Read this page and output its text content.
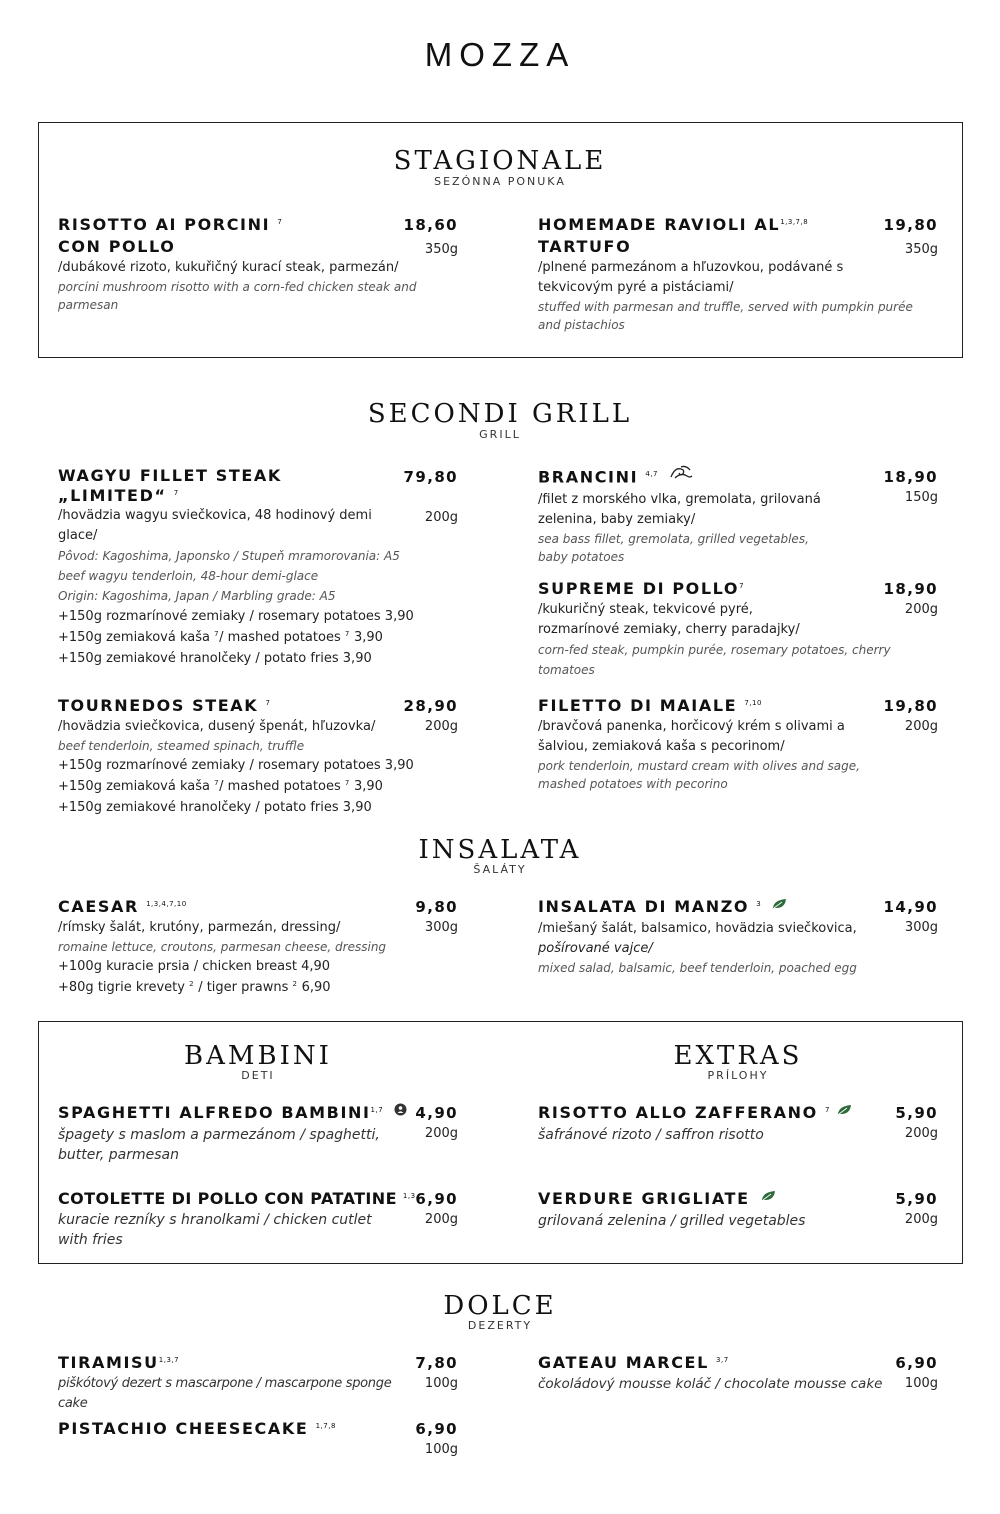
MOZZA
STAGIONALE
SEZÓNNA PONUKA
RISOTTO AI PORCINI $^7$
CON POLLO
18,60
350g
/dubákové rizoto, kukuřičný kurací steak, parmezán/
porcini mushroom risotto with a corn-fed chicken steak and parmesan
HOMEMADE RAVIOLI AL$^{1,3,7,8}$
TARTUFO
19,80
350g
/plnené parmezánom a hľuzovkou, podávané s tekvicovým pyré a pistáciami/
stuffed with parmesan and truffle, served with pumpkin purée and pistachios
SECONDI GRILL
GRILL
WAGYU FILLET STEAK
„LIMITED“ $^7$
79,80
200g
/hovädzia wagyu sviečkovica, 48 hodinový demi glace/
Pôvod: Kagoshima, Japonsko / Stupeň mramorovania: A5
beef wagyu tenderloin, 48-hour demi-glace
Origin: Kagoshima, Japan / Marbling grade: A5
+150g rozmarínové zemiaky / rosemary potatoes 3,90
+150g zemiaková kaša $^7$/ mashed potatoes $^7$ 3,90
+150g zemiakové hranolčeky / potato fries 3,90
TOURNEDOS STEAK $^7$	28,90
200g
/hovädzia sviečkovica, dusený špenát, hľuzovka/
beef tenderloin, steamed spinach, truffle
+150g rozmarínové zemiaky / rosemary potatoes 3,90
+150g zemiaková kaša $^7$/ mashed potatoes $^7$ 3,90
+150g zemiakové hranolčeky / potato fries 3,90
BRANCINI $^{4,7}$	18,90
150g
/filet z morského vlka, gremolata, grilovaná zelenina, baby zemiaky/
sea bass fillet, gremolata, grilled vegetables, baby potatoes
SUPREME DI POLLO$^7$	18,90
200g
/kukuričný steak, tekvicové pyré, rozmarínové zemiaky, cherry paradajky/
corn-fed steak, pumpkin purée, rosemary potatoes, cherry tomatoes
FILETTO DI MAIALE $^{7,10}$	19,80
200g
/bravčová panenka, horčicový krém s olivami a šalviou, zemiaková kaša s pecorinom/
pork tenderloin, mustard cream with olives and sage, mashed potatoes with pecorino
INSALATA
ŠALÁTY
CAESAR $^{1,3,4,7,10}$	9,80
300g
/rímsky šalát, krutóny, parmezán, dressing/
romaine lettuce, croutons, parmesan cheese, dressing
+100g kuracie prsia / chicken breast 4,90
+80g tigrie krevety $^2$ / tiger prawns $^2$ 6,90
INSALATA DI MANZO $^3$	14,90
300g
/miešaný šalát, balsamico, hovädzia sviečkovica,
pošírované vajce/
mixed salad, balsamic, beef tenderloin, poached egg
BAMBINI
DETI
EXTRAS
PRÍLOHY
SPAGHETTI ALFREDO BAMBINI$^{1,7}$	4,90
200g
špagety s maslom a parmezánom / spaghetti, butter, parmesan
COTOLETTE DI POLLO CON PATATINE $^{1,3}$ 6,90
200g
kuracie rezníky s hranolkami / chicken cutlet with fries
RISOTTO ALLO ZAFFERANO $^7$	5,90
200g
šafránové rizoto / saffron risotto
VERDURE GRIGLIATE	5,90
200g
grilovaná zelenina / grilled vegetables
DOLCE
DEZERTY
TIRAMISU$^{1,3,7}$	7,80
100g
piškótový dezert s mascarpone / mascarpone sponge cake
GATEAU MARCEL $^{3,7}$	6,90
100g
čokoládový mousse koláč / chocolate mousse cake
PISTACHIO CHEESECAKE $^{1,7,8}$	6,90
100g
